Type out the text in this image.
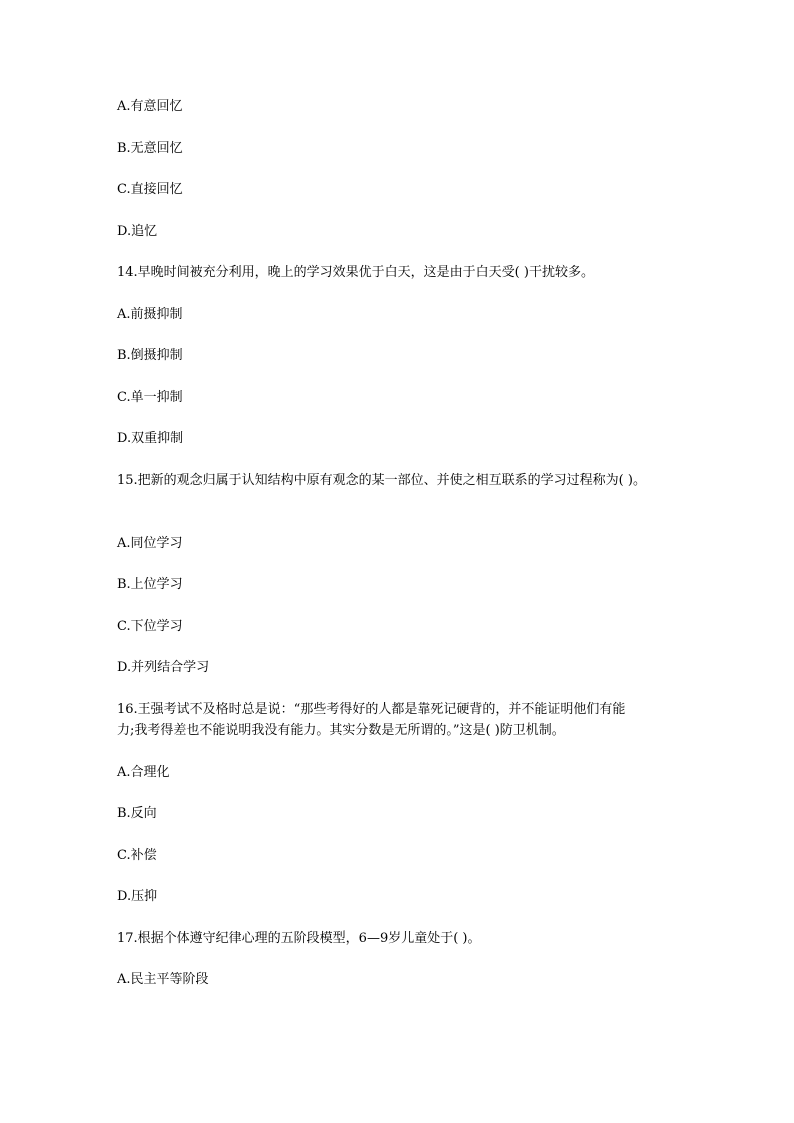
A.有意回忆

B.无意回忆

C.直接回忆

D.追忆

14.早晚时间被充分利用，晚上的学习效果优于白天，这是由于白天受( )干扰较多。

A.前摄抑制

B.倒摄抑制

C.单一抑制

D.双重抑制

15.把新的观念归属于认知结构中原有观念的某一部位、并使之相互联系的学习过程称为( )。

A.同位学习

B.上位学习

C.下位学习

D.并列结合学习

16.王强考试不及格时总是说：“那些考得好的人都是靠死记硬背的，并不能证明他们有能

力;我考得差也不能说明我没有能力。其实分数是无所谓的。”这是( )防卫机制。

A.合理化

B.反向

C.补偿

D.压抑

17.根据个体遵守纪律心理的五阶段模型，6—9岁儿童处于( )。

A.民主平等阶段
